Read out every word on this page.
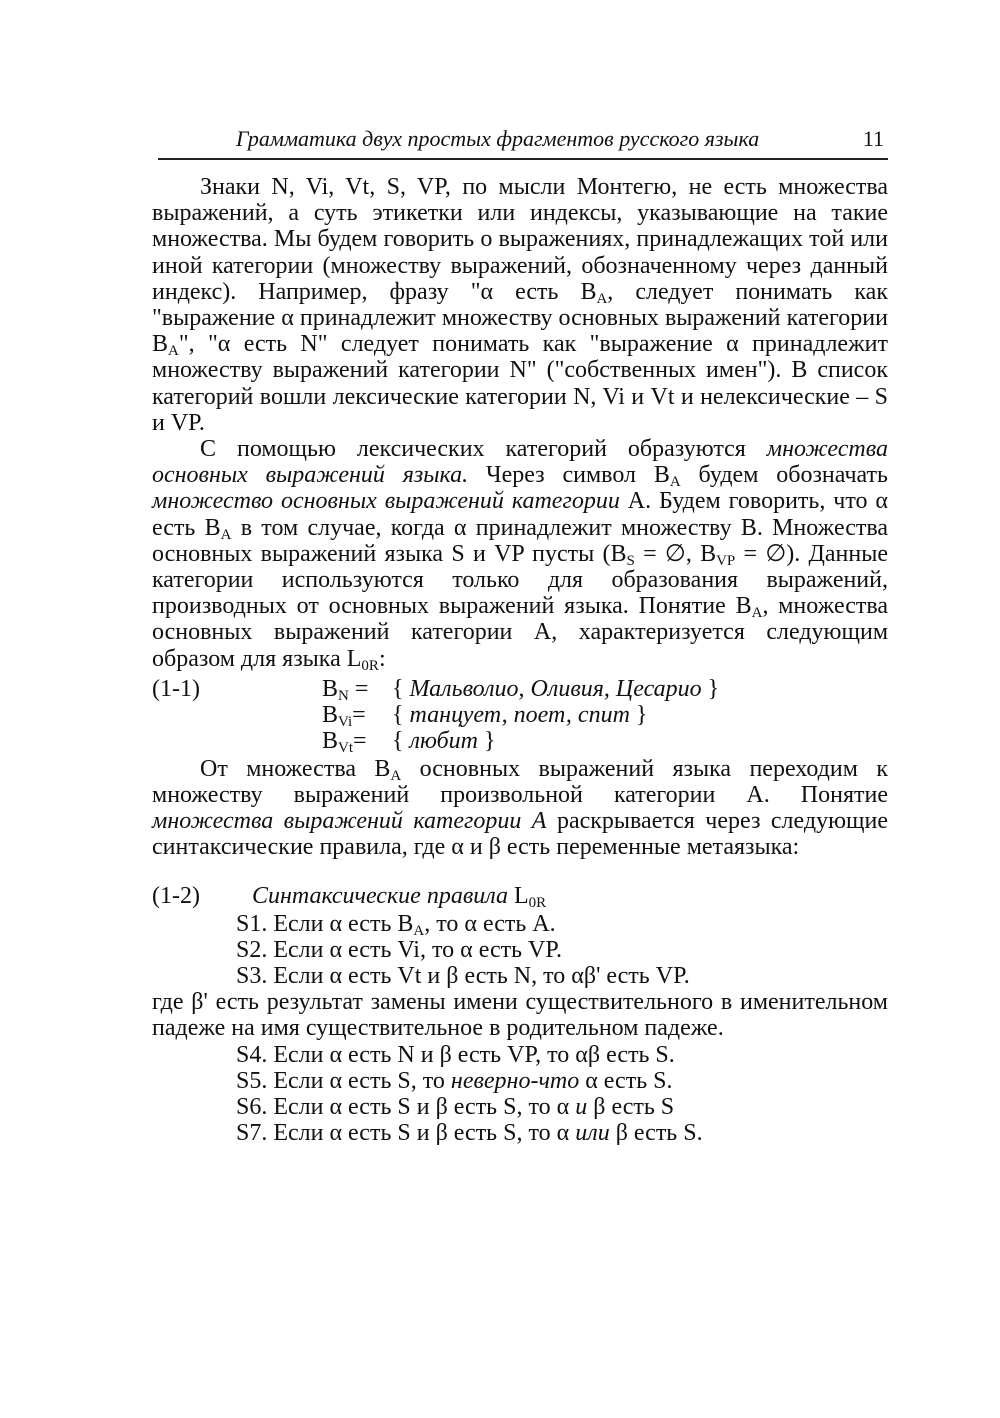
Грамматика двух простых фрагментов русского языка	11

Знаки N, Vi, Vt, S, VP, по мысли Монтегю, не есть множества выражений, а суть этикетки или индексы, указывающие на такие множества. Мы будем говорить о выражениях, принадлежащих той или иной категории (множеству выражений, обозначенному через данный индекс). Например, фразу "α есть $B_A$, следует понимать как "выражение α принадлежит множеству основных выражений категории $B_A$", "α есть N" следует понимать как "выражение α принадлежит множеству выражений категории N" ("собственных имен"). В список категорий вошли лексические категории N, Vi и Vt и нелексические – S и VP.

С помощью лексических категорий образуются множества основных выражений языка. Через символ $B_A$ будем обозначать множество основных выражений категории A. Будем говорить, что α есть $B_A$ в том случае, когда α принадлежит множеству B. Множества основных выражений языка S и VP пусты ($B_S$ = ∅, $B_{VP}$ = ∅). Данные категории используются только для образования выражений, производных от основных выражений языка. Понятие $B_A$, множества основных выражений категории A, характеризуется следующим образом для языка $L_{0R}$:

(1-1)	$B_N$ ={ Мальволио, Оливия, Цесарио }
$B_{Vi}=${ танцует, поет, спит }
$B_{Vt}=${ любит }

От множества $B_A$ основных выражений языка переходим к множеству выражений произвольной категории A. Понятие множества выражений категории A раскрывается через следующие синтаксические правила, где α и β есть переменные метаязыка:

(1-2) Синтаксические правила $L_{0R}$

S1. Если α есть $B_A$, то α есть A.

S2. Если α есть Vi, то α есть VP.

S3. Если α есть Vt и β есть N, то αβ' есть VP.

где β' есть результат замены имени существительного в именительном падеже на имя существительное в родительном падеже.

S4. Если α есть N и β есть VP, то αβ есть S.

S5. Если α есть S, то неверно-что α есть S.

S6. Если α есть S и β есть S, то α и β есть S

S7. Если α есть S и β есть S, то α или β есть S.
